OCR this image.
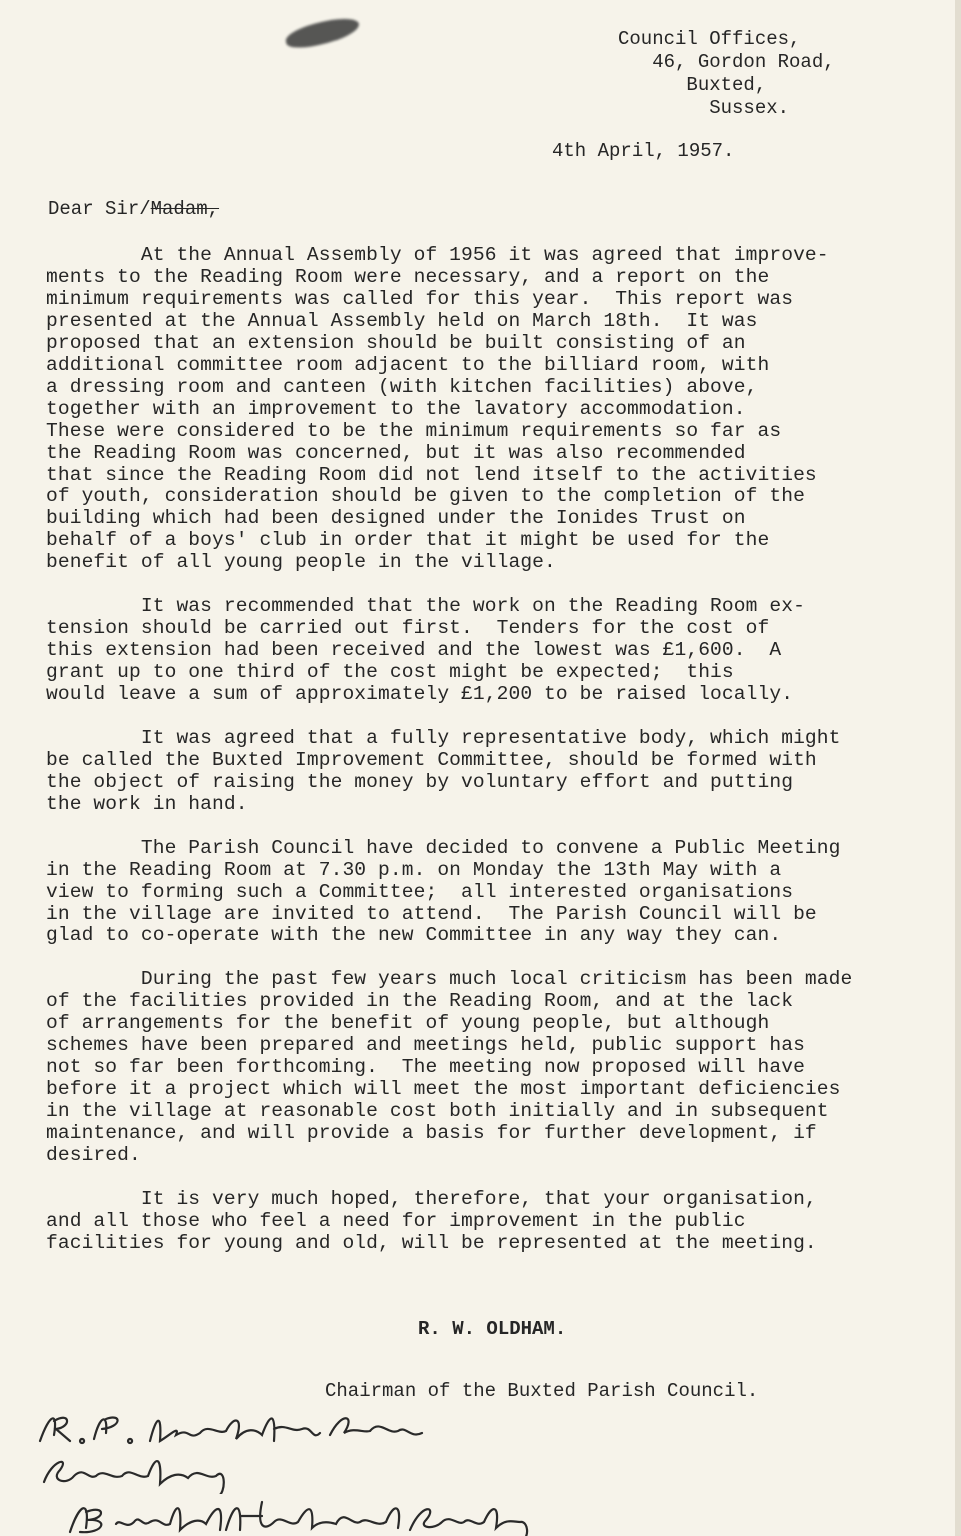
Council Offices,
46, Gordon Road,
Buxted,
Sussex.
4th April, 1957.
Dear Sir/Madam,
At the Annual Assembly of 1956 it was agreed that improve-
ments to the Reading Room were necessary, and a report on the
minimum requirements was called for this year.  This report was
presented at the Annual Assembly held on March 18th.  It was
proposed that an extension should be built consisting of an
additional committee room adjacent to the billiard room, with
a dressing room and canteen (with kitchen facilities) above,
together with an improvement to the lavatory accommodation.
These were considered to be the minimum requirements so far as
the Reading Room was concerned, but it was also recommended
that since the Reading Room did not lend itself to the activities
of youth, consideration should be given to the completion of the
building which had been designed under the Ionides Trust on
behalf of a boys' club in order that it might be used for the
benefit of all young people in the village.
It was recommended that the work on the Reading Room ex-
tension should be carried out first.  Tenders for the cost of
this extension had been received and the lowest was £1,600.  A
grant up to one third of the cost might be expected;  this
would leave a sum of approximately £1,200 to be raised locally.
It was agreed that a fully representative body, which might
be called the Buxted Improvement Committee, should be formed with
the object of raising the money by voluntary effort and putting
the work in hand.
The Parish Council have decided to convene a Public Meeting
in the Reading Room at 7.30 p.m. on Monday the 13th May with a
view to forming such a Committee;  all interested organisations
in the village are invited to attend.  The Parish Council will be
glad to co-operate with the new Committee in any way they can.
During the past few years much local criticism has been made
of the facilities provided in the Reading Room, and at the lack
of arrangements for the benefit of young people, but although
schemes have been prepared and meetings held, public support has
not so far been forthcoming.  The meeting now proposed will have
before it a project which will meet the most important deficiencies
in the village at reasonable cost both initially and in subsequent
maintenance, and will provide a basis for further development, if
desired.
It is very much hoped, therefore, that your organisation,
and all those who feel a need for improvement in the public
facilities for young and old, will be represented at the meeting.
R. W. OLDHAM.
Chairman of the Buxted Parish Council.
